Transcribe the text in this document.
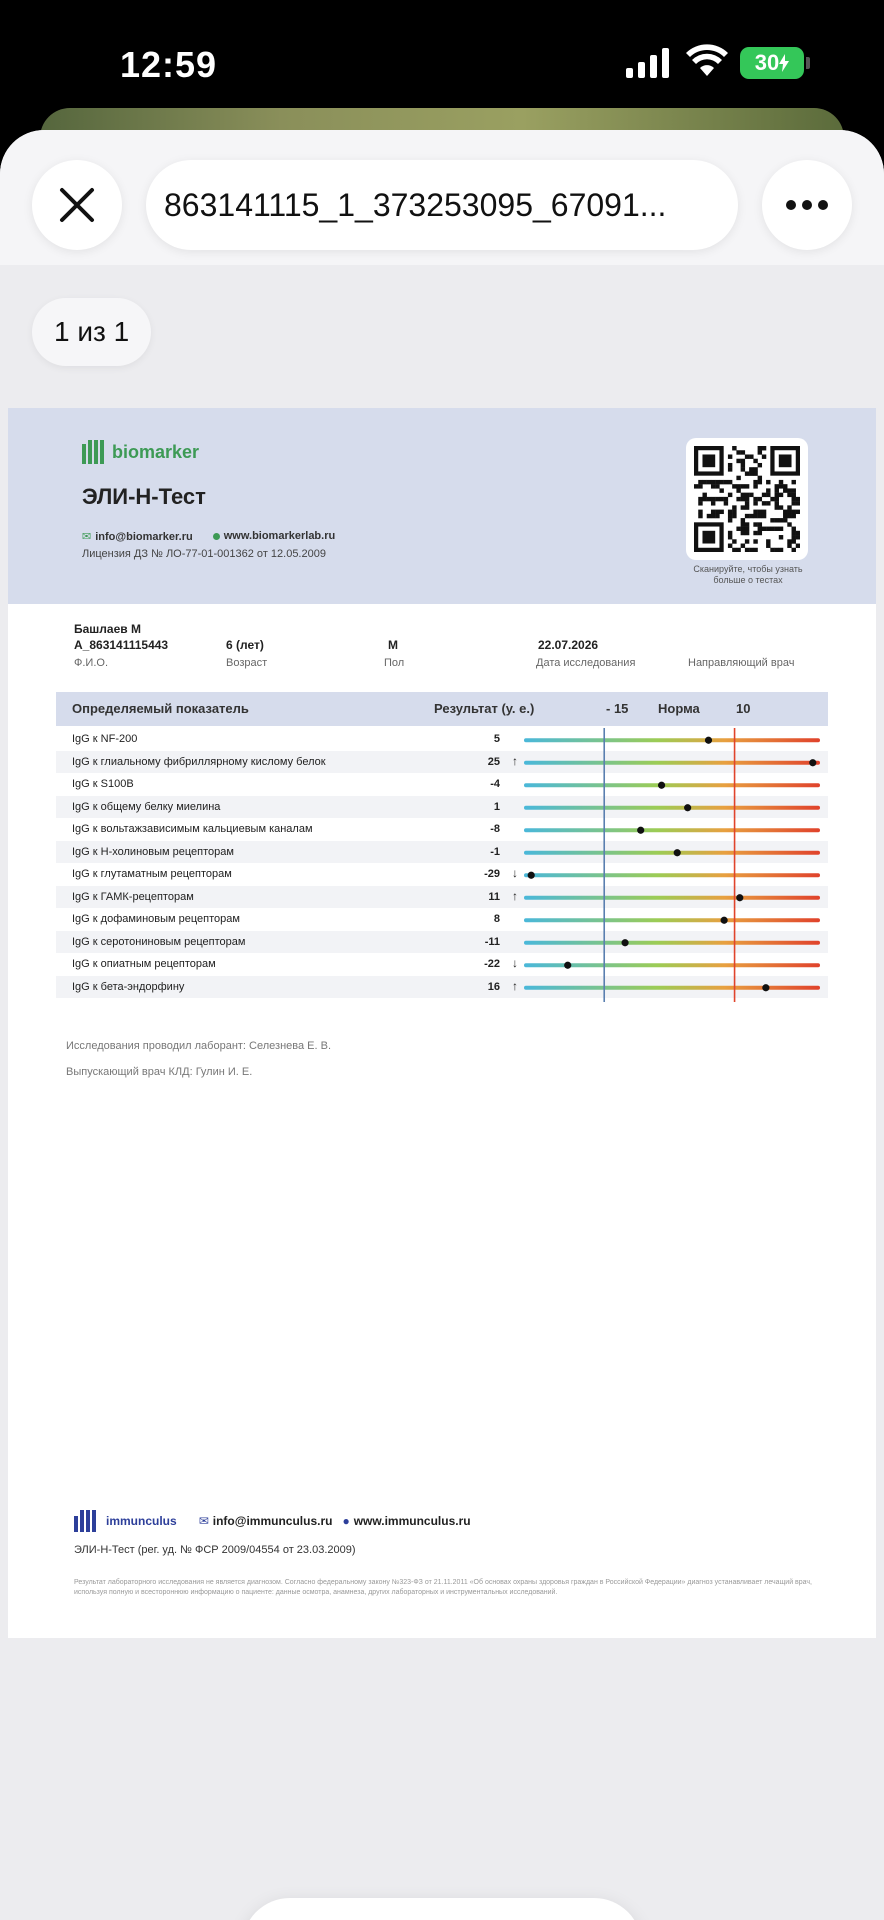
12:59	30
863141115_1_373253095_67091...
1 из 1
biomarker
ЭЛИ-Н-Тест
✉ info@biomarker.ru	www.biomarkerlab.ru
Лицензия ДЗ № ЛО-77-01-001362 от 12.05.2009
Сканируйте, чтобы узнать больше о тестах
Башлаев М
А_863141115443	6 (лет)	М	22.07.2026
Ф.И.О.	Возраст	Пол	Дата исследования	Направляющий врач
Определяемый показатель	Результат (у. е.)	- 15 Норма	10
IgG к NF-200	5
IgG к глиальному фибриллярному кислому белок	25 ↑
IgG к S100B	-4
IgG к общему белку миелина	1
IgG к вольтажзависимым кальциевым каналам	-8
IgG к Н-холиновым рецепторам	-1
IgG к глутаматным рецепторам	-29 ↓
IgG к ГАМК-рецепторам	11 ↑
IgG к дофаминовым рецепторам	8
IgG к серотониновым рецепторам	-11
IgG к опиатным рецепторам	-22 ↓
IgG к бета-эндорфину	16 ↑
Исследования проводил лаборант: Селезнева Е. В.
Выпускающий врач КЛД: Гулин И. Е.
immunculus ✉ info@immunculus.ru ● www.immunculus.ru
ЭЛИ-Н-Тест (рег. уд. № ФСР 2009/04554 от 23.03.2009)
Результат лабораторного исследования не является диагнозом. Согласно федеральному закону №323-ФЗ от 21.11.2011 «Об основах охраны здоровья граждан в Российской Федерации» диагноз устанавливает лечащий врач, используя полную и всестороннюю информацию о пациенте: данные осмотра, анамнеза, других лабораторных и инструментальных исследований.
